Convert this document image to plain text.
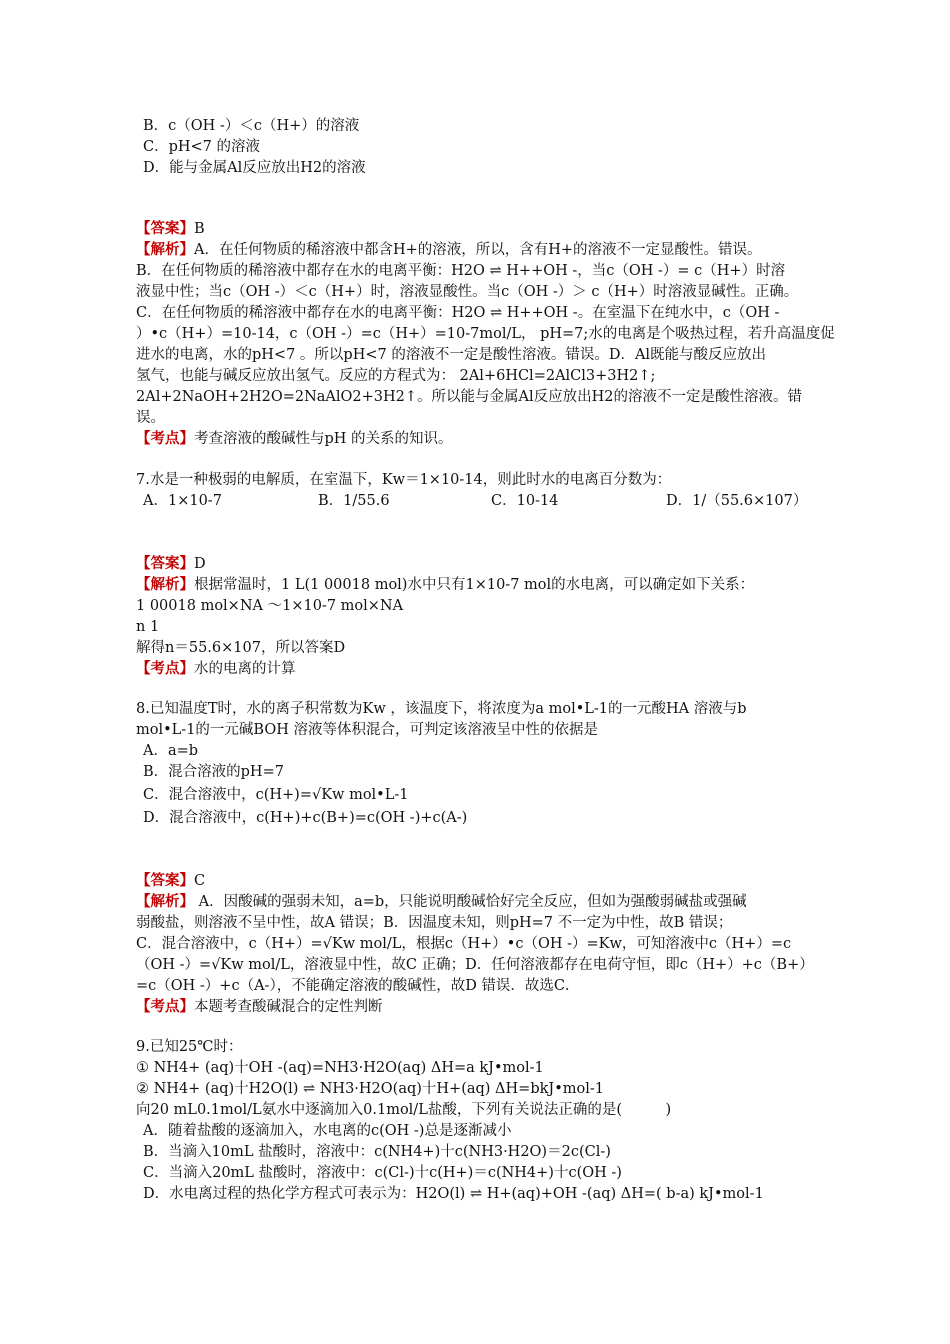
B．c（OH -）＜c（H+）的溶液
C．pH<7 的溶液
D．能与金属Al反应放出H2的溶液
【答案】B
【解析】A．在任何物质的稀溶液中都含H+的溶液，所以，含有H+的溶液不一定显酸性。错误。
B．在任何物质的稀溶液中都存在水的电离平衡：H2O ⇌ H++OH -，当c（OH -）= c（H+）时溶
液显中性；当c（OH -）＜c（H+）时，溶液显酸性。当c（OH -）＞ c（H+）时溶液显碱性。正确。
C．在任何物质的稀溶液中都存在水的电离平衡：H2O ⇌ H++OH -。在室温下在纯水中，c（OH -
）•c（H+）=10-14，c（OH -）=c（H+）=10-7mol/L， pH=7;水的电离是个吸热过程，若升高温度促
进水的电离，水的pH<7 。所以pH<7 的溶液不一定是酸性溶液。错误。D．Al既能与酸反应放出
氢气，也能与碱反应放出氢气。反应的方程式为： 2Al+6HCl=2AlCl3+3H2↑;
2Al+2NaOH+2H2O=2NaAlO2+3H2↑。所以能与金属Al反应放出H2的溶液不一定是酸性溶液。错
误。
【考点】考查溶液的酸碱性与pH 的关系的知识。
7.水是一种极弱的电解质，在室温下，Kw＝1×10-14，则此时水的电离百分数为：
A．1×10-7	B．1/55.6	C．10-14	D．1/（55.6×107）
【答案】D
【解析】根据常温时，1 L(1 00018 mol)水中只有1×10-7 mol的水电离，可以确定如下关系：
1 00018 mol×NA ～1×10-7 mol×NA
n 1
解得n＝55.6×107，所以答案D
【考点】水的电离的计算
8.已知温度T时，水的离子积常数为Kw ，该温度下，将浓度为a mol•L-1的一元酸HA 溶液与b
mol•L-1的一元碱BOH 溶液等体积混合，可判定该溶液呈中性的依据是
A．a=b
B．混合溶液的pH=7
C．混合溶液中，c(H+)=√Kw mol•L-1
D．混合溶液中，c(H+)+c(B+)=c(OH -)+c(A-)
【答案】C
【解析】 A．因酸碱的强弱未知，a=b，只能说明酸碱恰好完全反应，但如为强酸弱碱盐或强碱
弱酸盐，则溶液不呈中性，故A 错误；B．因温度未知，则pH=7 不一定为中性，故B 错误；
C．混合溶液中，c（H+）=√Kw mol/L，根据c（H+）•c（OH -）=Kw，可知溶液中c（H+）=c
（OH -）=√Kw mol/L，溶液显中性，故C 正确；D．任何溶液都存在电荷守恒，即c（H+）+c（B+）
=c（OH -）+c（A-），不能确定溶液的酸碱性，故D 错误．故选C．
【考点】本题考查酸碱混合的定性判断
9.已知25℃时：
① NH4+ (aq)十OH -(aq)=NH3·H2O(aq) ΔH=a kJ•mol-1
② NH4+ (aq)十H2O(l) ⇌ NH3·H2O(aq)十H+(aq) ΔH=bkJ•mol-1
向20 mL0.1mol/L氨水中逐滴加入0.1mol/L盐酸，下列有关说法正确的是(　　　)
A．随着盐酸的逐滴加入，水电离的c(OH -)总是逐渐减小
B．当滴入10mL 盐酸时，溶液中：c(NH4+)十c(NH3·H2O)＝2c(Cl-)
C．当滴入20mL 盐酸时，溶液中：c(Cl-)十c(H+)＝c(NH4+)十c(OH -)
D．水电离过程的热化学方程式可表示为：H2O(l) ⇌ H+(aq)+OH -(aq) ΔH=( b-a) kJ•mol-1
